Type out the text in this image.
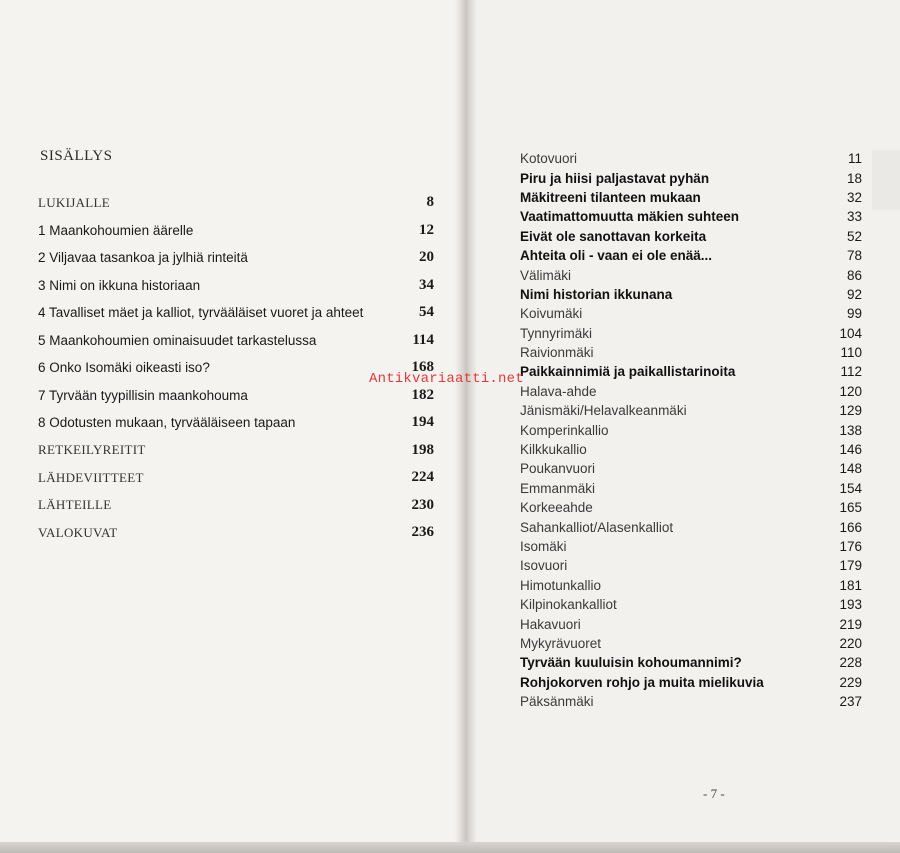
SISÄLLYS
LUKIJALLE	8
1 Maankohoumien äärelle	12
2 Viljavaa tasankoa ja jylhiä rinteitä	20
3 Nimi on ikkuna historiaan	34
4 Tavalliset mäet ja kalliot, tyrvääläiset vuoret ja ahteet	54
5 Maankohoumien ominaisuudet tarkastelussa	114
6 Onko Isomäki oikeasti iso?	168
7 Tyrvään tyypillisin maankohouma	182
8 Odotusten mukaan, tyrvääläiseen tapaan	194
RETKEILYREITIT	198
LÄHDEVIITTEET	224
LÄHTEILLE	230
VALOKUVAT	236
Kotovuori	11
Piru ja hiisi paljastavat pyhän	18
Mäkitreeni tilanteen mukaan	32
Vaatimattomuutta mäkien suhteen	33
Eivät ole sanottavan korkeita	52
Ahteita oli - vaan ei ole enää...	78
Välimäki	86
Nimi historian ikkunana	92
Koivumäki	99
Tynnyrimäki	104
Raivionmäki	110
Paikkainnimiä ja paikallistarinoita	112
Halava-ahde	120
Jänismäki/Helavalkeanmäki	129
Komperinkallio	138
Kilkkukallio	146
Poukanvuori	148
Emmanmäki	154
Korkeeahde	165
Sahankalliot/Alasenkalliot	166
Isomäki	176
Isovuori	179
Himotunkallio	181
Kilpinokankalliot	193
Hakavuori	219
Mykyrävuoret	220
Tyrvään kuuluisin kohoumannimi?	228
Rohjokorven rohjo ja muita mielikuvia	229
Päksänmäki	237
- 7 -
Antikvariaatti.net
